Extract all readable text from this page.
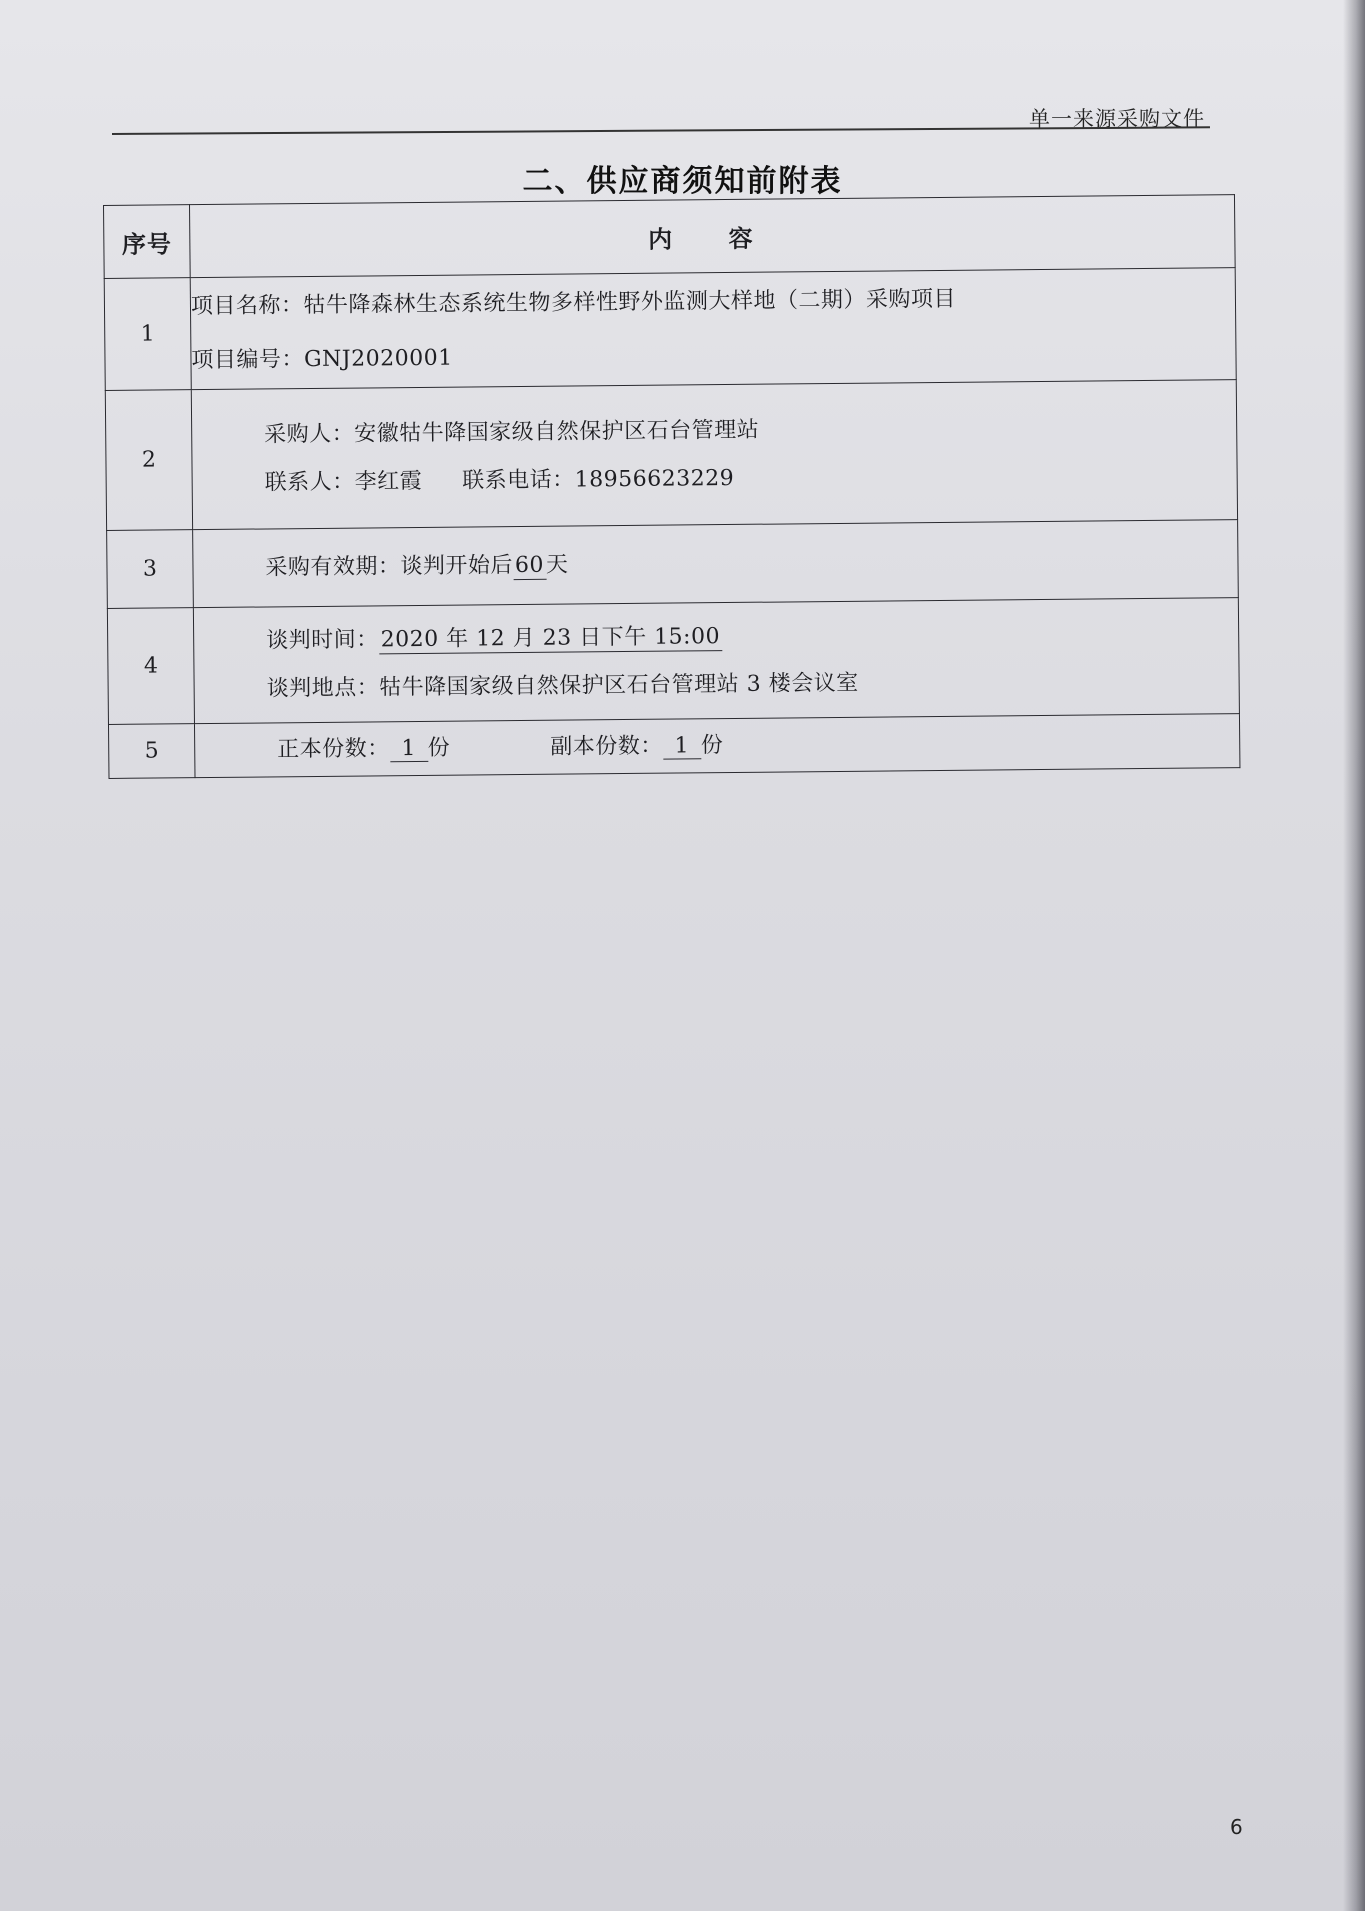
单一来源采购文件
二、供应商须知前附表
序号	内 容
1	项目名称：牯牛降森林生态系统生物多样性野外监测大样地（二期）采购项目
项目编号：GNJ2020001

2	采购人：安徽牯牛降国家级自然保护区石台管理站
联系人：李红霞 联系电话：18956623229

3	采购有效期：谈判开始后60天

4	谈判时间：2020 年 12 月 23 日下午 15:00
谈判地点：牯牛降国家级自然保护区石台管理站 3 楼会议室

5	正本份数： 1 份 副本份数： 1 份
6
